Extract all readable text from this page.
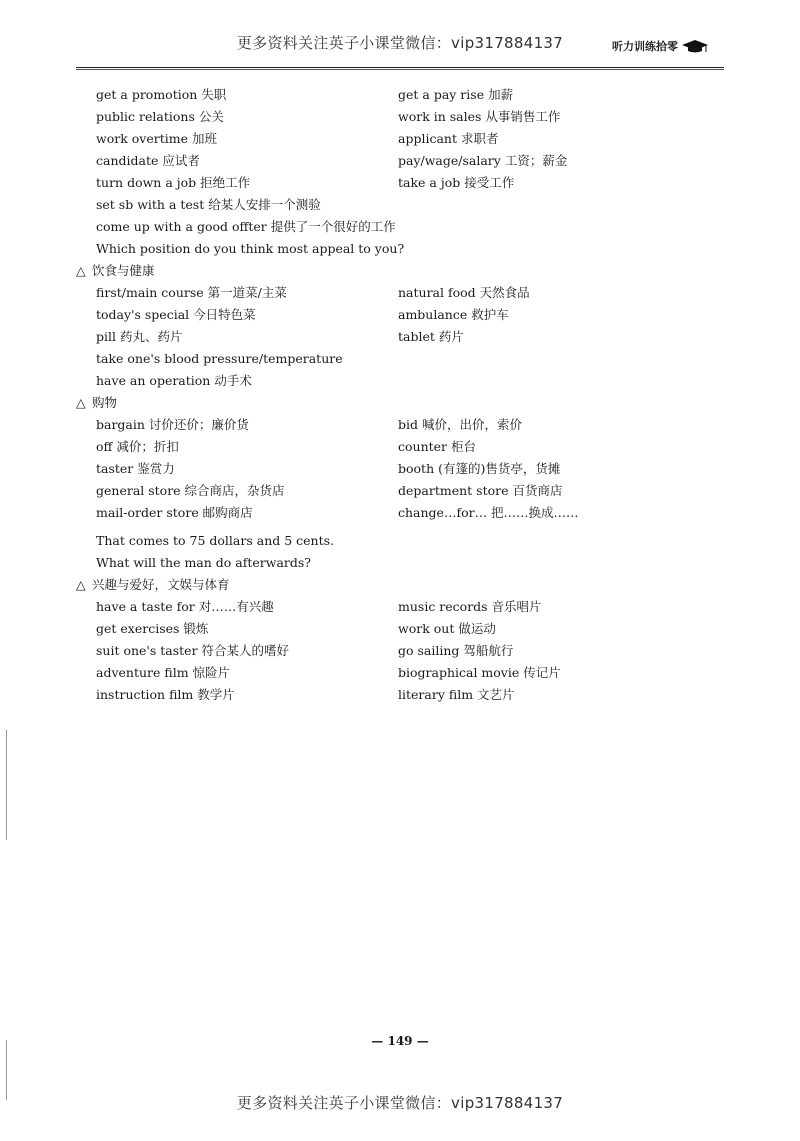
更多资料关注英子小课堂微信：vip317884137	听力训练拾零
get a promotion 失职	get a pay rise 加薪
public relations 公关	work in sales 从事销售工作
work overtime 加班	applicant 求职者
candidate 应试者	pay/wage/salary 工资；薪金
turn down a job 拒绝工作	take a job 接受工作
set sb with a test 给某人安排一个测验
come up with a good offter 提供了一个很好的工作
Which position do you think most appeal to you?
△ 饮食与健康
first/main course 第一道菜/主菜	natural food 天然食品
today's special 今日特色菜	ambulance 救护车
pill 药丸、药片	tablet 药片
take one's blood pressure/temperature
have an operation 动手术
△ 购物
bargain 讨价还价；廉价货	bid 喊价，出价，索价
off 减价；折扣	counter 柜台
taster 鉴赏力	booth (有篷的)售货亭，货摊
general store 综合商店，杂货店	department store 百货商店
mail-order store 邮购商店	change…for… 把……换成……
That comes to 75 dollars and 5 cents.
What will the man do afterwards?
△ 兴趣与爱好，文娱与体育
have a taste for 对……有兴趣	music records 音乐唱片
get exercises 锻炼	work out 做运动
suit one's taster 符合某人的嗜好	go sailing 驾船航行
adventure film 惊险片	biographical movie 传记片
instruction film 教学片	literary film 文艺片
— 149 —
更多资料关注英子小课堂微信：vip317884137
